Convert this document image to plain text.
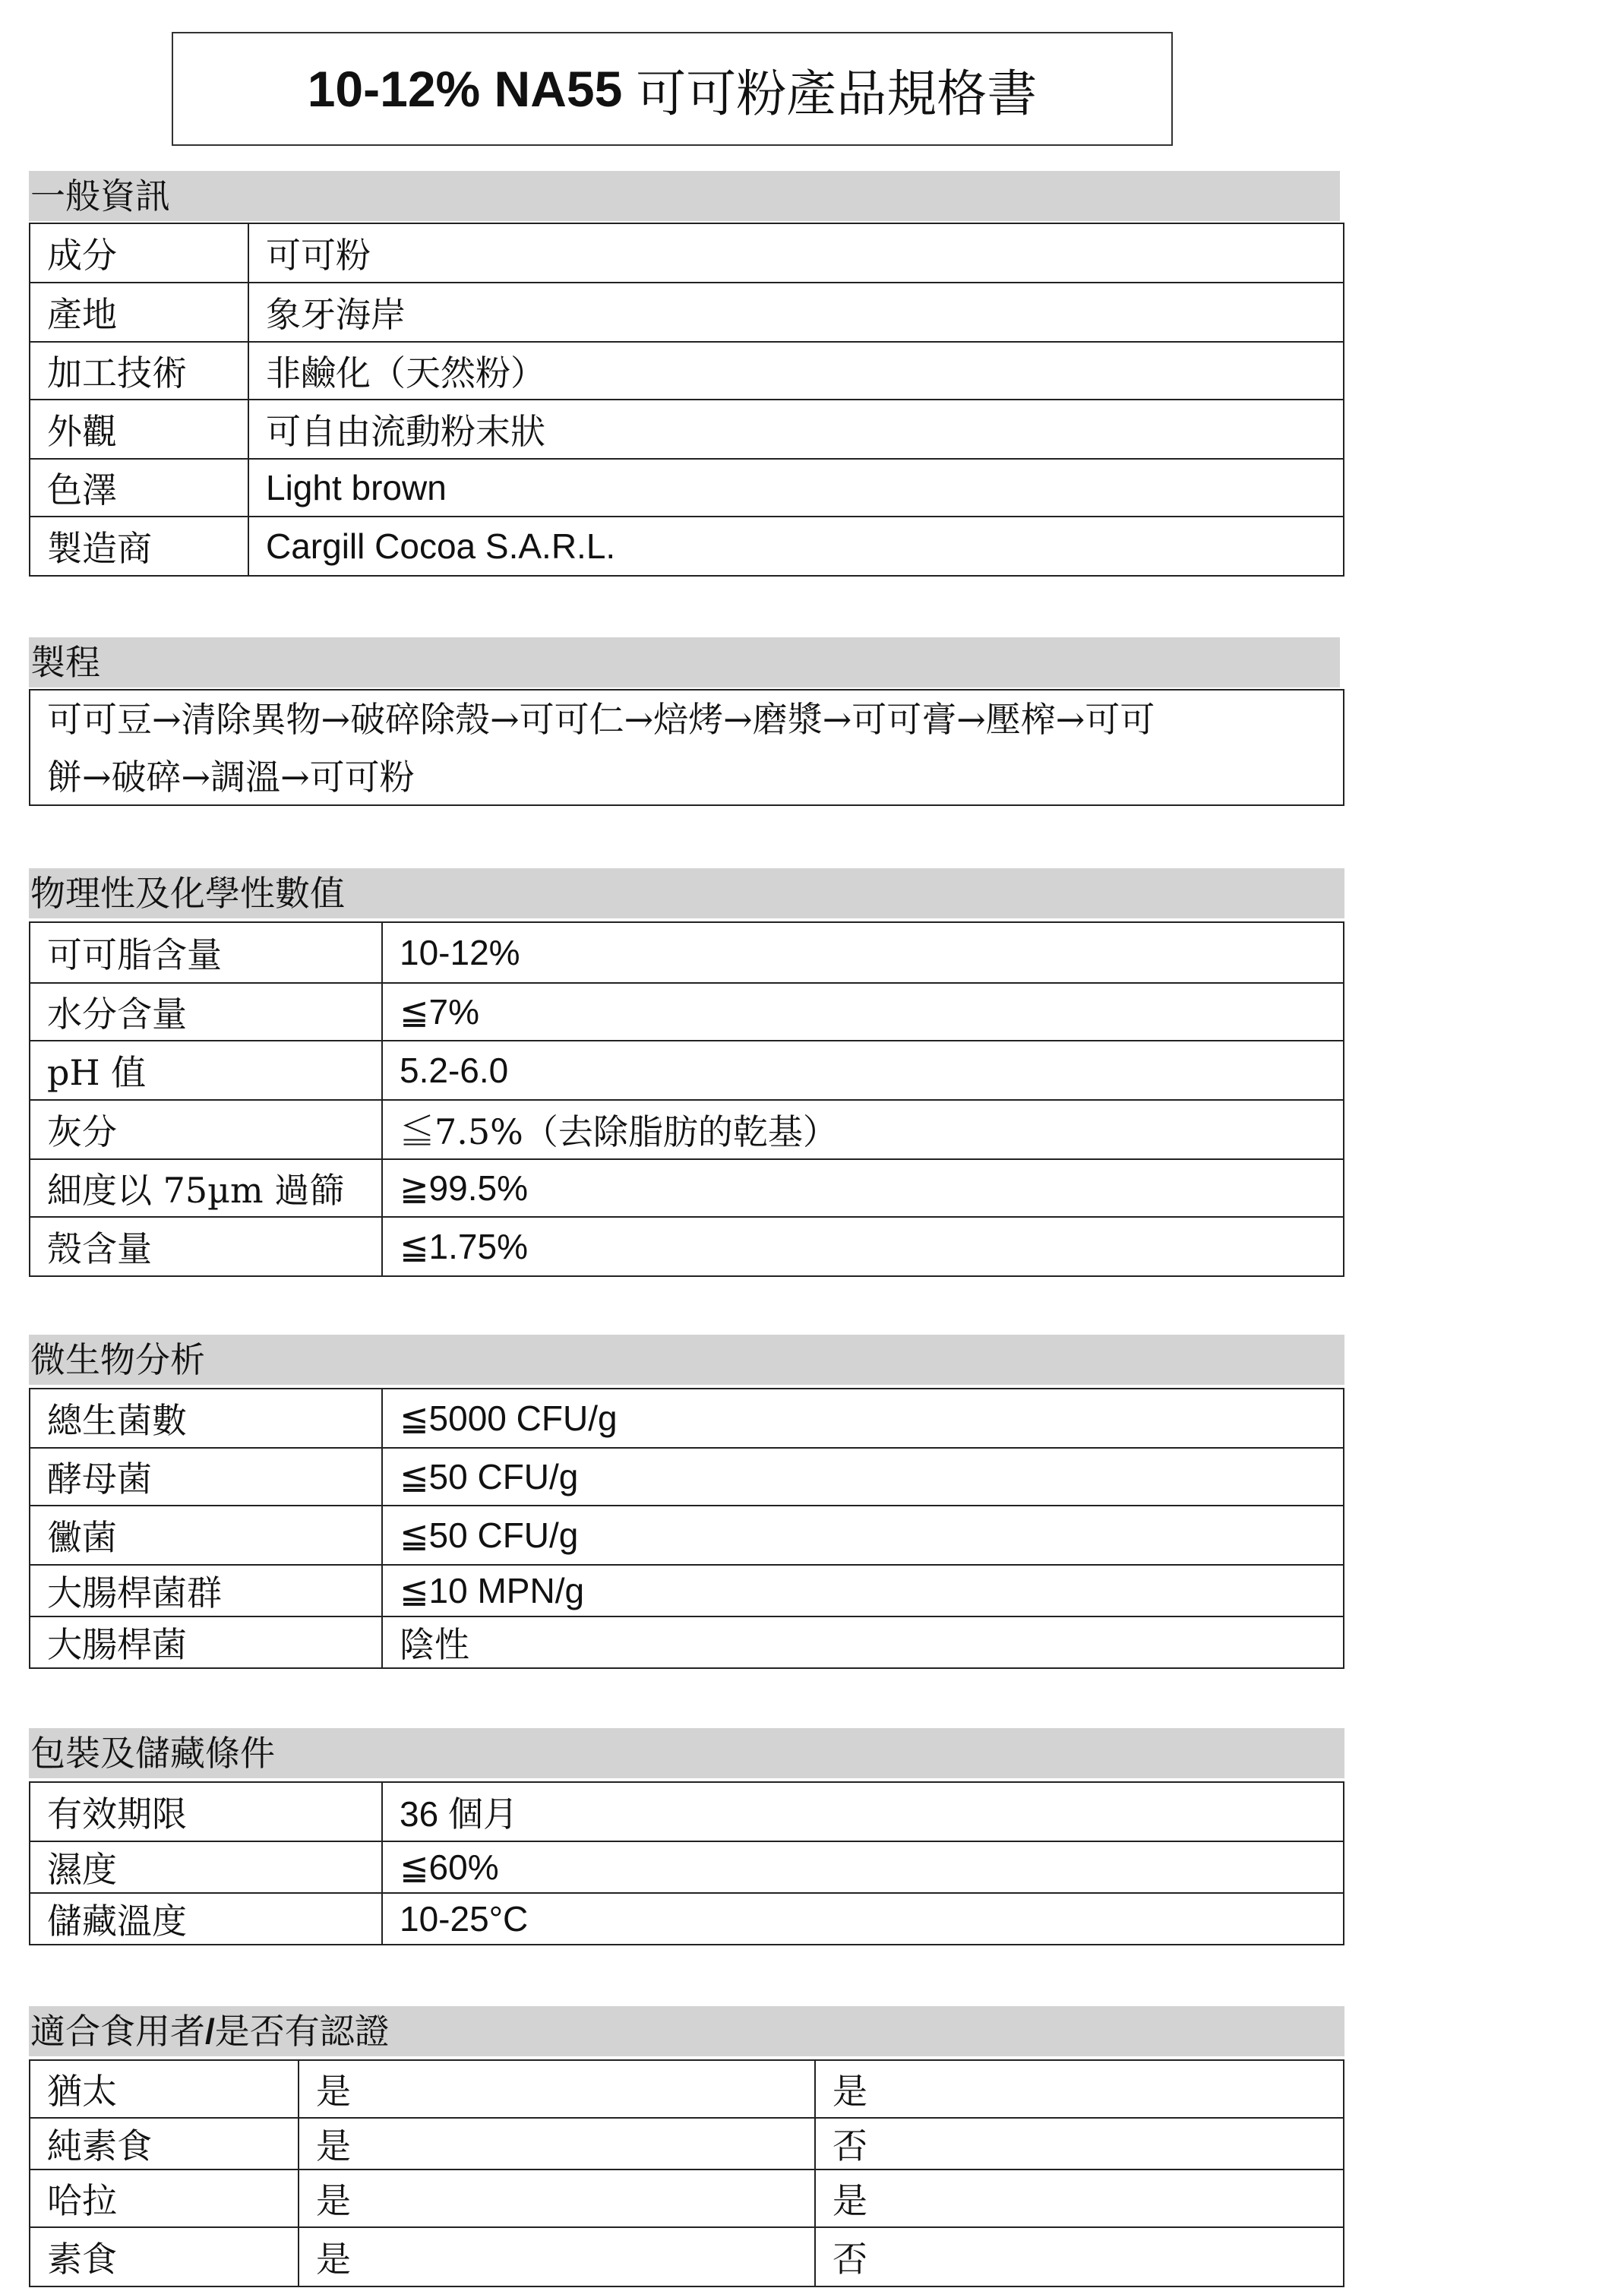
10-12% NA55 可可粉產品規格書
一般資訊
成分	可可粉
產地	象牙海岸
加工技術	非鹼化（天然粉）
外觀	可自由流動粉末狀
色澤	Light brown
製造商	Cargill Cocoa S.A.R.L.
製程
可可豆→清除異物→破碎除殼→可可仁→焙烤→磨漿→可可膏→壓榨→可可
餅→破碎→調溫→可可粉
物理性及化學性數值
可可脂含量	10-12%
水分含量	≦7%
pH 值	5.2-6.0
灰分	≦7.5%（去除脂肪的乾基）
細度以 75µm 過篩	≧99.5%
殼含量	≦1.75%
微生物分析
總生菌數	≦5000 CFU/g
酵母菌	≦50 CFU/g
黴菌	≦50 CFU/g
大腸桿菌群	≦10 MPN/g
大腸桿菌	陰性
包裝及儲藏條件
有效期限	36 個月
濕度	≦60%
儲藏溫度	10-25°C
適合食用者/是否有認證
猶太	是	是
純素食	是	否
哈拉	是	是
素食	是	否
